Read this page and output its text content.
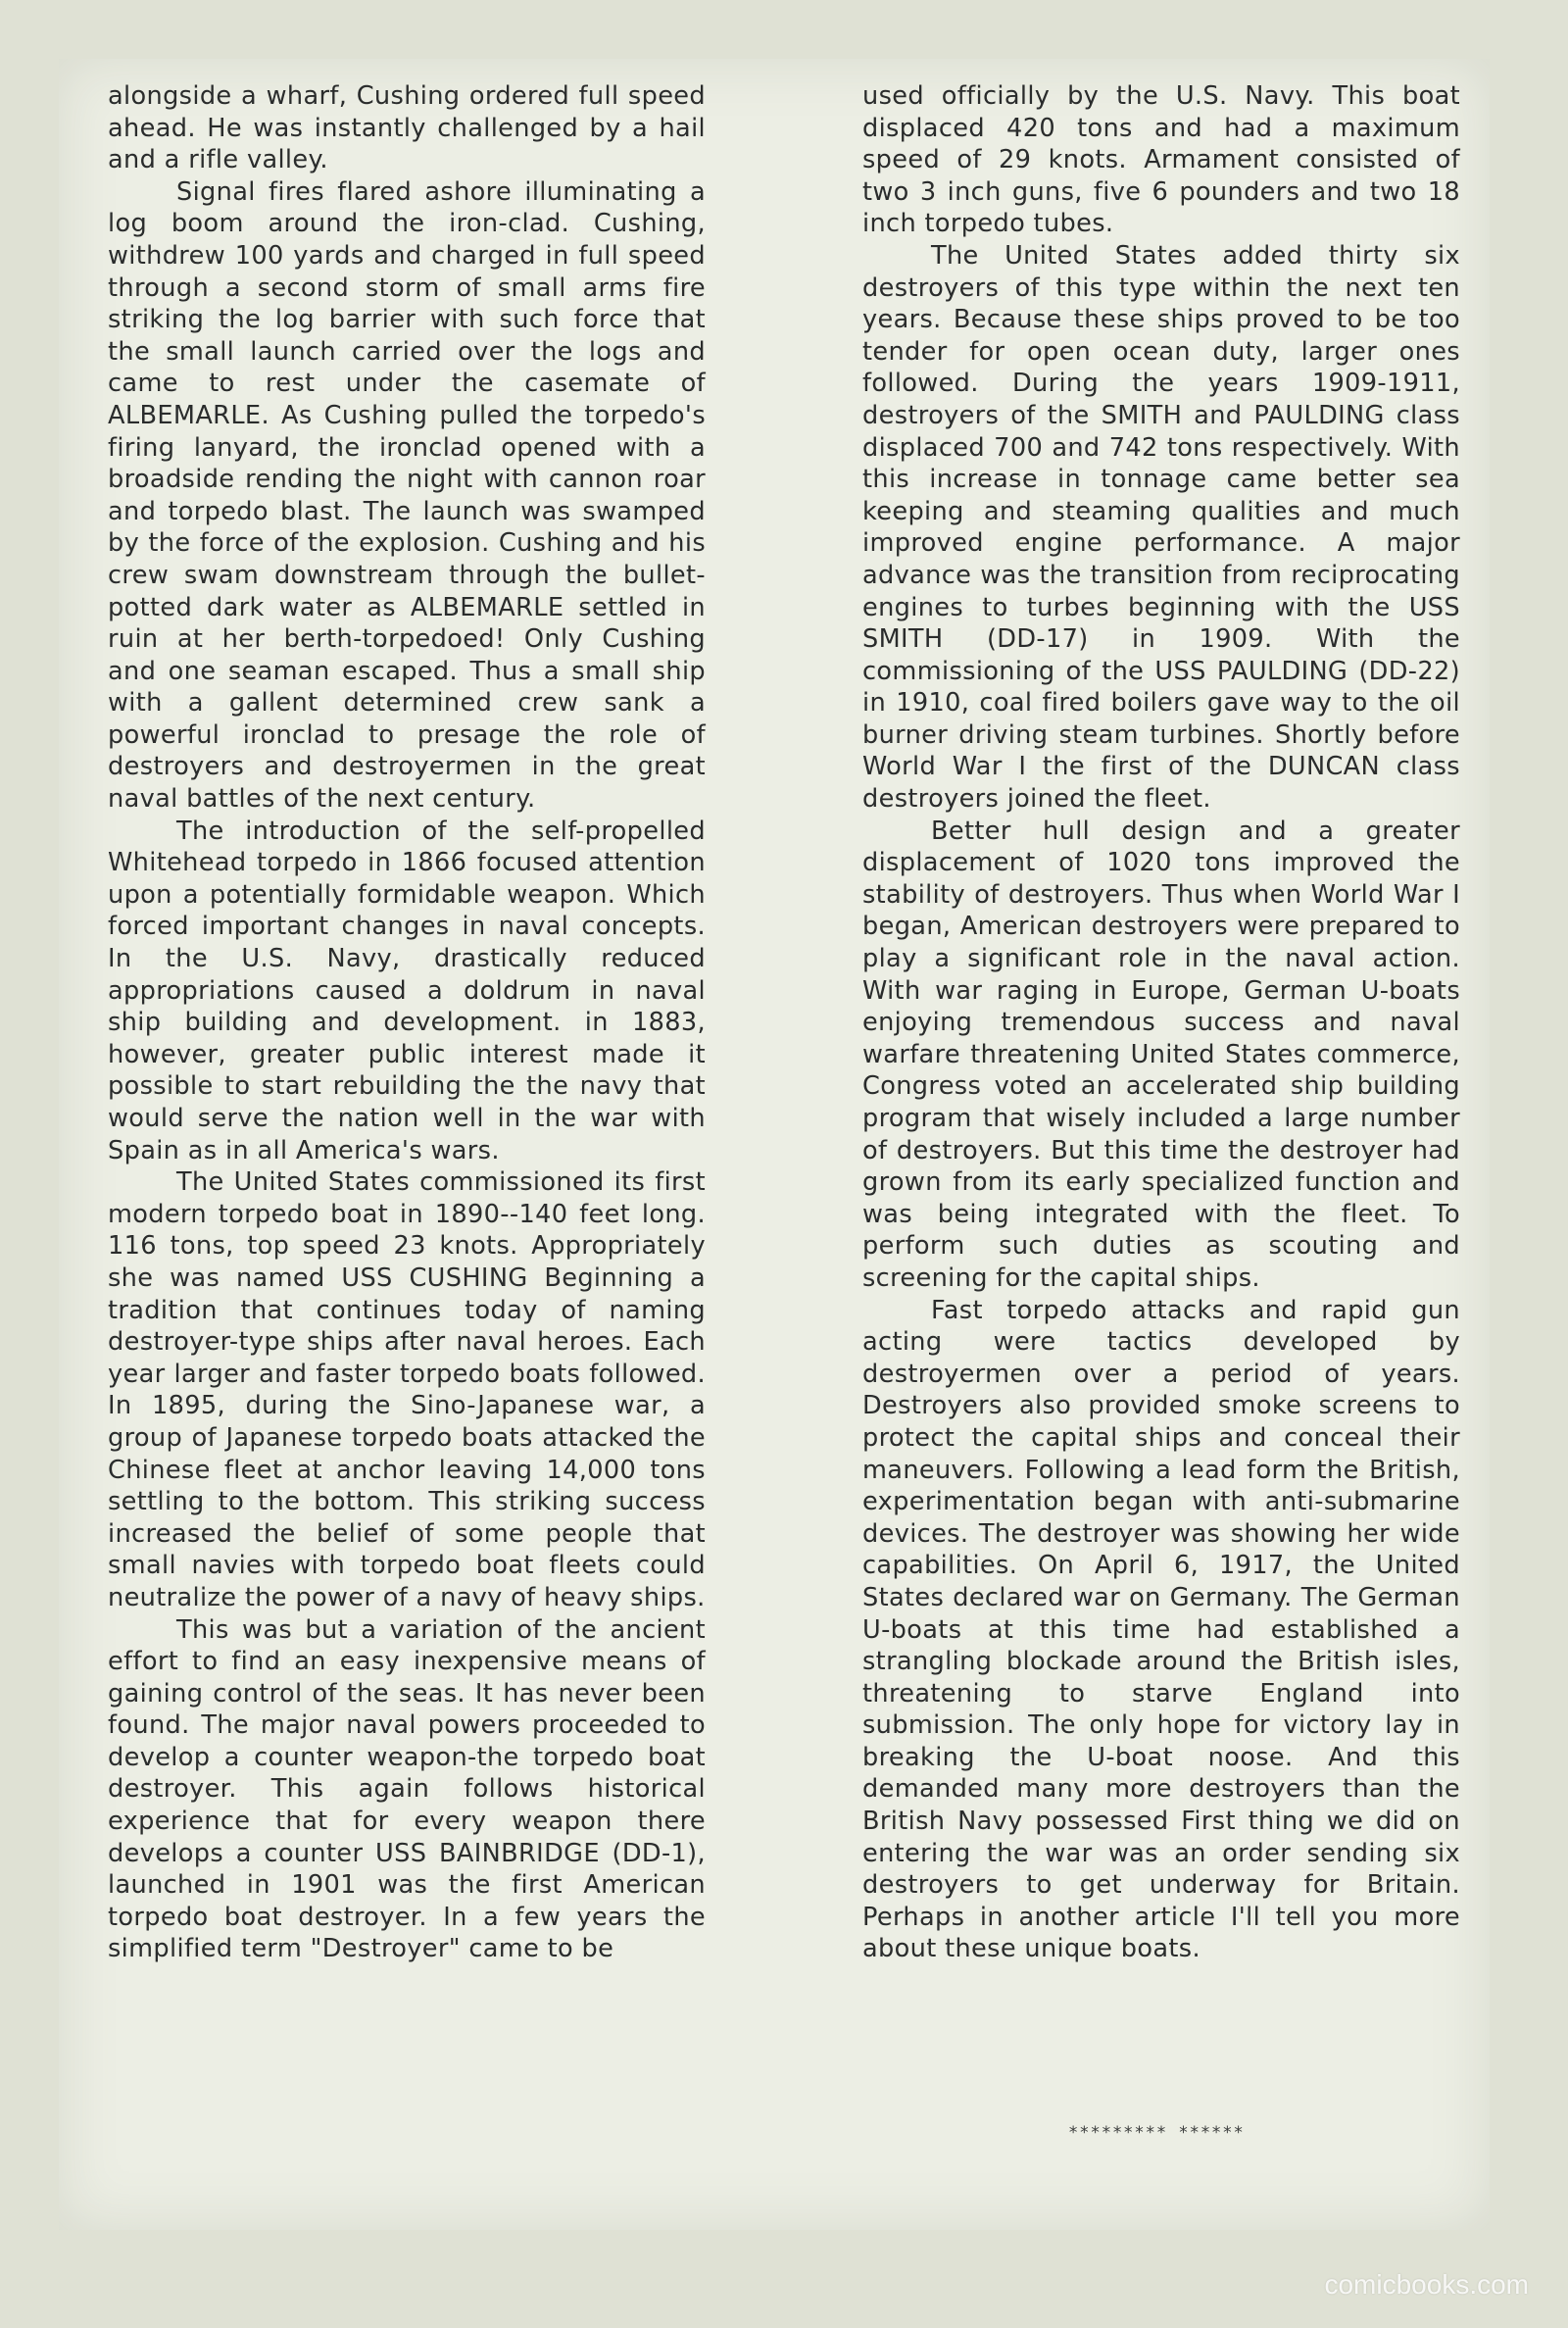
alongside a wharf, Cushing ordered full speed ahead. He was instantly challenged by a hail and a rifle valley.

Signal fires flared ashore illuminating a log boom around the iron-clad. Cushing, withdrew 100 yards and charged in full speed through a second storm of small arms fire striking the log barrier with such force that the small launch carried over the logs and came to rest under the casemate of ALBEMARLE. As Cushing pulled the torpedo's firing lanyard, the ironclad opened with a broadside rending the night with cannon roar and torpedo blast. The launch was swamped by the force of the explosion. Cushing and his crew swam downstream through the bullet-potted dark water as ALBEMARLE settled in ruin at her berth-torpedoed! Only Cushing and one seaman escaped. Thus a small ship with a gallent determined crew sank a powerful ironclad to presage the role of destroyers and destroyermen in the great naval battles of the next century.

The introduction of the self-propelled Whitehead torpedo in 1866 focused attention upon a potentially formidable weapon. Which forced important changes in naval concepts. In the U.S. Navy, drastically reduced appropriations caused a doldrum in naval ship building and development. in 1883, however, greater public interest made it possible to start rebuilding the the navy that would serve the nation well in the war with Spain as in all America's wars.

The United States commissioned its first modern torpedo boat in 1890--140 feet long. 116 tons, top speed 23 knots. Appropriately she was named USS CUSHING Beginning a tradition that continues today of naming destroyer-type ships after naval heroes. Each year larger and faster torpedo boats followed. In 1895, during the Sino-Japanese war, a group of Japanese torpedo boats attacked the Chinese fleet at anchor leaving 14,000 tons settling to the bottom. This striking success increased the belief of some people that small navies with torpedo boat fleets could neutralize the power of a navy of heavy ships.

This was but a variation of the ancient effort to find an easy inexpensive means of gaining control of the seas. It has never been found. The major naval powers proceeded to develop a counter weapon-the torpedo boat destroyer. This again follows historical experience that for every weapon there develops a counter USS BAINBRIDGE (DD-1), launched in 1901 was the first American torpedo boat destroyer. In a few years the simplified term "Destroyer" came to be

used officially by the U.S. Navy. This boat displaced 420 tons and had a maximum speed of 29 knots. Armament consisted of two 3 inch guns, five 6 pounders and two 18 inch torpedo tubes.

The United States added thirty six destroyers of this type within the next ten years. Because these ships proved to be too tender for open ocean duty, larger ones followed. During the years 1909-1911, destroyers of the SMITH and PAULDING class displaced 700 and 742 tons respectively. With this increase in tonnage came better sea keeping and steaming qualities and much improved engine performance. A major advance was the transition from reciprocating engines to turbes beginning with the USS SMITH (DD-17) in 1909. With the commissioning of the USS PAULDING (DD-22) in 1910, coal fired boilers gave way to the oil burner driving steam turbines. Shortly before World War I the first of the DUNCAN class destroyers joined the fleet.

Better hull design and a greater displacement of 1020 tons improved the stability of destroyers. Thus when World War I began, American destroyers were prepared to play a significant role in the naval action. With war raging in Europe, German U-boats enjoying tremendous success and naval warfare threatening United States commerce, Congress voted an accelerated ship building program that wisely included a large number of destroyers. But this time the destroyer had grown from its early specialized function and was being integrated with the fleet. To perform such duties as scouting and screening for the capital ships.

Fast torpedo attacks and rapid gun acting were tactics developed by destroyermen over a period of years. Destroyers also provided smoke screens to protect the capital ships and conceal their maneuvers. Following a lead form the British, experimentation began with anti-submarine devices. The destroyer was showing her wide capabilities. On April 6, 1917, the United States declared war on Germany. The German U-boats at this time had established a strangling blockade around the British isles, threatening to starve England into submission. The only hope for victory lay in breaking the U-boat noose. And this demanded many more destroyers than the British Navy possessed First thing we did on entering the war was an order sending six destroyers to get underway for Britain. Perhaps in another article I'll tell you more about these unique boats.

********* ******
comicbooks.com
